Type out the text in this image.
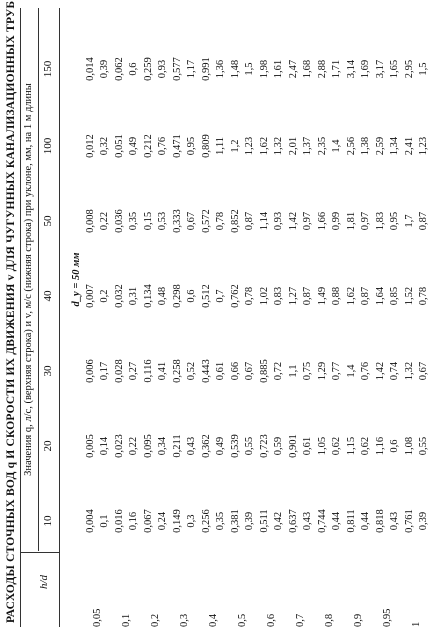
РАСХОДЫ СТОЧНЫХ ВОД q И СКОРОСТИ ИХ ДВИЖЕНИЯ v ДЛЯ ЧУГУННЫХ КАНАЛИЗАЦИОННЫХ ТРУБ h/d
Значения q, л/с, (верхняя строка) и v, м/с (нижняя строка) при уклоне, мм, на 1 м длины
10
20
30
40
50
100
150
d_у = 50 мм
0,05
0,004 0,1
0,005 0,14
0,006 0,17
0,007 0,2
0,008 0,22
0,012 0,32
0,014 0,39
0,1
0,016 0,16
0,023 0,22
0,028 0,27
0,032 0,31
0,036 0,35
0,051 0,49
0,062 0,6
0,2
0,067 0,24
0,095 0,34
0,116 0,41
0,134 0,48
0,15 0,53
0,212 0,76
0,259 0,93
0,3
0,149 0,3
0,211 0,43
0,258 0,52
0,298 0,6
0,333 0,67
0,471 0,95
0,577 1,17
0,4
0,256 0,35
0,362 0,49
0,443 0,61
0,512 0,7
0,572 0,78
0,809 1,11
0,991 1,36
0,5
0,381 0,39
0,539 0,55
0,66 0,67
0,762 0,78
0,852 0,87
1,2 1,23
1,48 1,5
0,6
0,511 0,42
0,723 0,59
0,885 0,72
1,02 0,83
1,14 0,93
1,62 1,32
1,98 1,61
0,7
0,637 0,43
0,901 0,61
1,1 0,75
1,27 0,87
1,42 0,97
2,01 1,37
2,47 1,68
0,8
0,744 0,44
1,05 0,62
1,29 0,77
1,49 0,88
1,66 0,99
2,35 1,4
2,88 1,71
0,9
0,811 0,44
1,15 0,62
1,4 0,76
1,62 0,87
1,81 0,97
2,56 1,38
3,14 1,69
0,95
0,818 0,43
1,16 0,6
1,42 0,74
1,64 0,85
1,83 0,95
2,59 1,34
3,17 1,65
1
0,761 0,39
1,08 0,55
1,32 0,67
1,52 0,78
1,7 0,87
2,41 1,23
2,95 1,5
